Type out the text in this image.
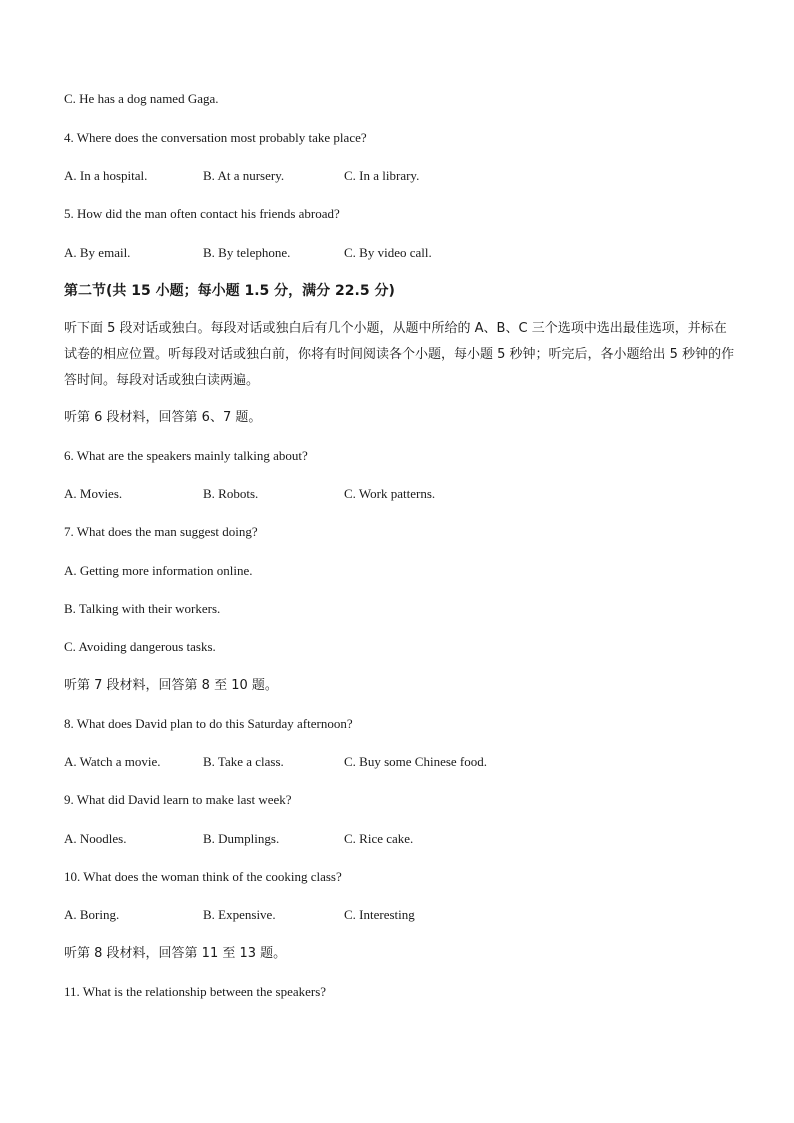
C. He has a dog named Gaga.
4. Where does the conversation most probably take place?
A. In a hospital.	B. At a nursery.	C. In a library.
5. How did the man often contact his friends abroad?
A. By email.	B. By telephone.	C. By video call.
第二节(共 15 小题；每小题 1.5 分，满分 22.5 分)
听下面 5 段对话或独白。每段对话或独白后有几个小题，从题中所给的 A、B、C 三个选项中选出最佳选项，并标在试卷的相应位置。听每段对话或独白前，你将有时间阅读各个小题，每小题 5 秒钟；听完后，各小题给出 5 秒钟的作答时间。每段对话或独白读两遍。
听第 6 段材料，回答第 6、7 题。
6. What are the speakers mainly talking about?
A. Movies.	B. Robots.	C. Work patterns.
7. What does the man suggest doing?
A. Getting more information online.
B. Talking with their workers.
C. Avoiding dangerous tasks.
听第 7 段材料，回答第 8 至 10 题。
8. What does David plan to do this Saturday afternoon?
A. Watch a movie.	B. Take a class.	C. Buy some Chinese food.
9. What did David learn to make last week?
A. Noodles.	B. Dumplings.	C. Rice cake.
10. What does the woman think of the cooking class?
A. Boring.	B. Expensive.	C. Interesting
听第 8 段材料，回答第 11 至 13 题。
11. What is the relationship between the speakers?
